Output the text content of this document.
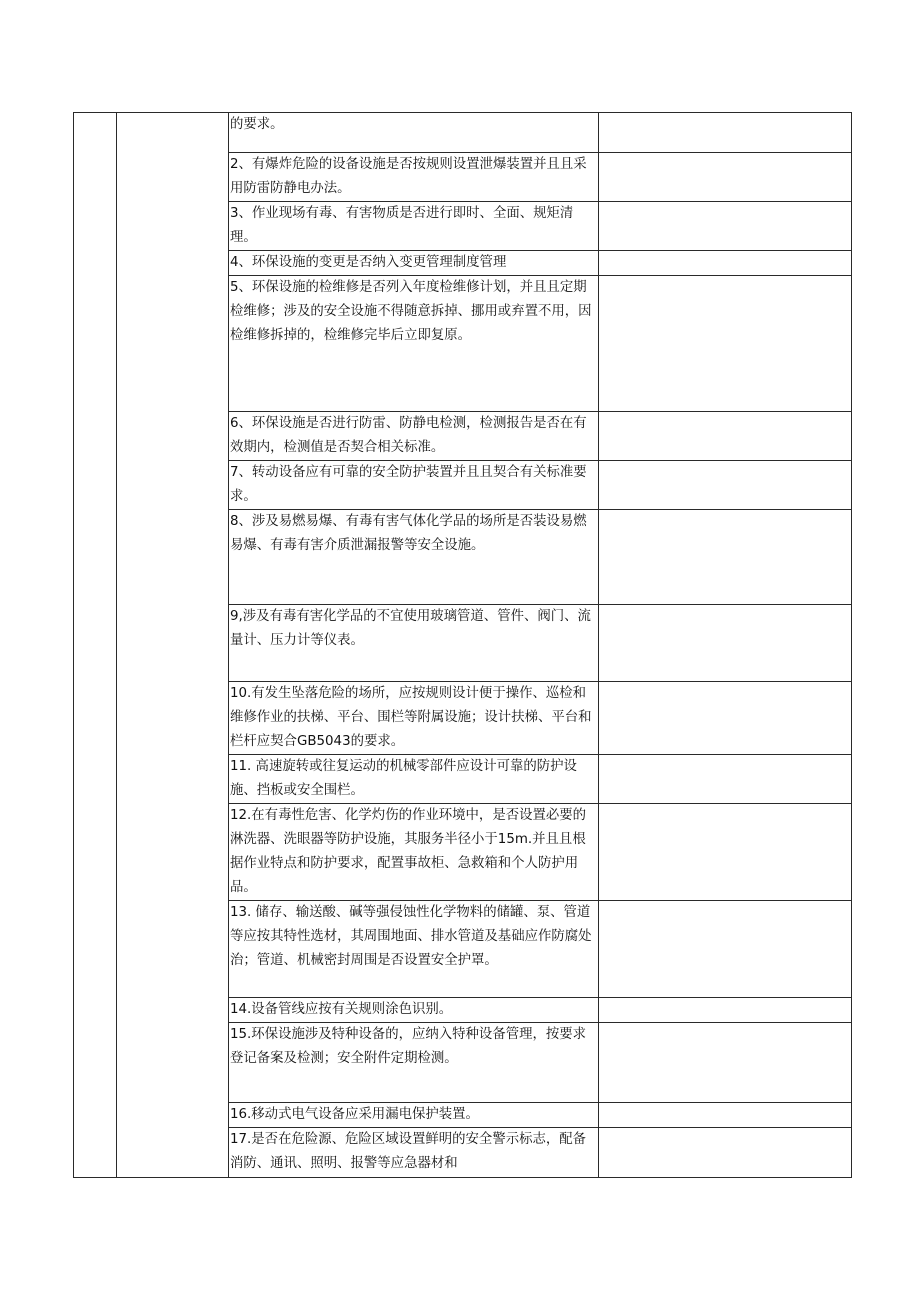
		的要求。	
		2、有爆炸危险的设备设施是否按规则设置泄爆装置并且且采用防雷防静电办法。	
		3、作业现场有毒、有害物质是否进行即时、全面、规矩清理。	
		4、环保设施的变更是否纳入变更管理制度管理	
		5、环保设施的检维修是否列入年度检维修计划，并且且定期检维修；涉及的安全设施不得随意拆掉、挪用或弃置不用，因检维修拆掉的，检维修完毕后立即复原。	
		6、环保设施是否进行防雷、防静电检测，检测报告是否在有效期内，检测值是否契合相关标准。	
		7、转动设备应有可靠的安全防护装置并且且契合有关标准要求。	
		8、涉及易燃易爆、有毒有害气体化学品的场所是否装设易燃易爆、有毒有害介质泄漏报警等安全设施。	
		9,涉及有毒有害化学品的不宜使用玻璃管道、管件、阀门、流量计、压力计等仪表。	
		10.有发生坠落危险的场所，应按规则设计便于操作、巡检和维修作业的扶梯、平台、围栏等附属设施；设计扶梯、平台和栏杆应契合GB5043的要求。	
		11. 高速旋转或往复运动的机械零部件应设计可靠的防护设施、挡板或安全围栏。	
		12.在有毒性危害、化学灼伤的作业环境中，是否设置必要的淋洗器、洗眼器等防护设施，其服务半径小于15m.并且且根据作业特点和防护要求，配置事故柜、急救箱和个人防护用品。	
		13. 储存、输送酸、碱等强侵蚀性化学物料的储罐、泵、管道等应按其特性选材，其周围地面、排水管道及基础应作防腐处治；管道、机械密封周围是否设置安全护罩。	
		14.设备管线应按有关规则涂色识别。	
		15.环保设施涉及特种设备的，应纳入特种设备管理，按要求登记备案及检测；安全附件定期检测。	
		16.移动式电气设备应采用漏电保护装置。	
		17.是否在危险源、危险区域设置鲜明的安全警示标志，配备消防、通讯、照明、报警等应急器材和	
